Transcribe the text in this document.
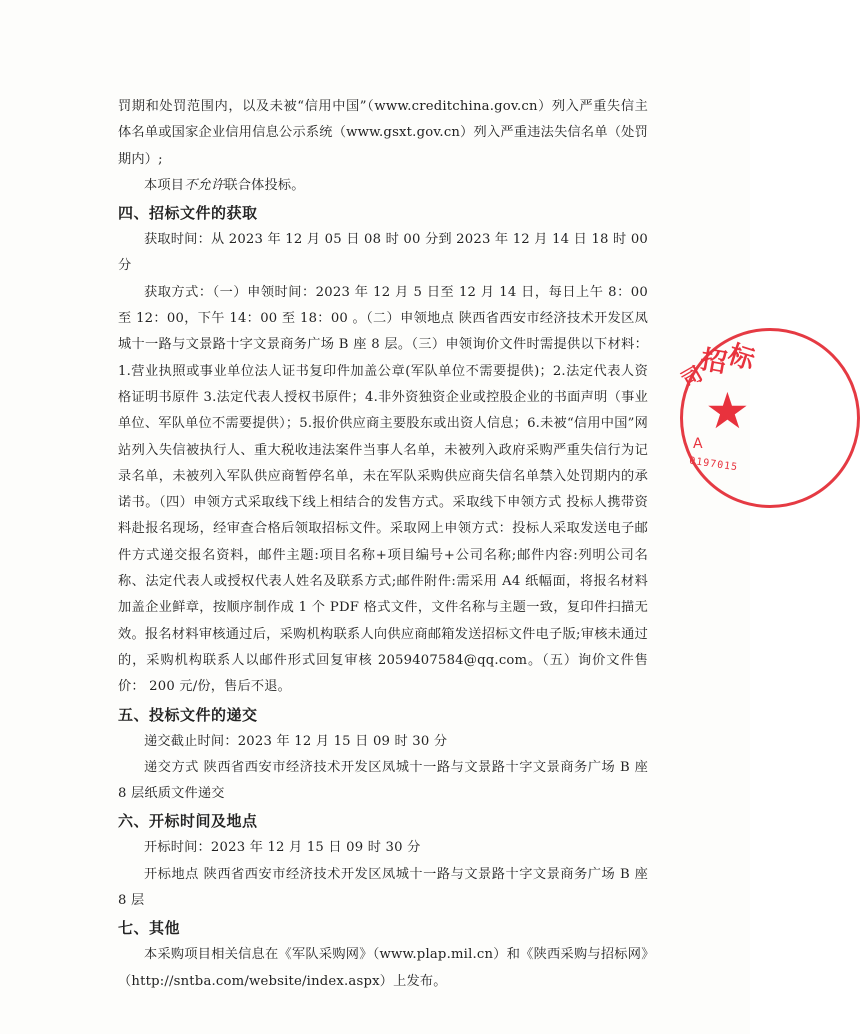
罚期和处罚范围内，以及未被“信用中国”（www.creditchina.gov.cn）列入严重失信主体名单或国家企业信用信息公示系统（www.gsxt.gov.cn）列入严重违法失信名单（处罚期内）;

本项目不允许联合体投标。

四、招标文件的获取

获取时间：从 2023 年 12 月 05 日 08 时 00 分到 2023 年 12 月 14 日 18 时 00 分

获取方式：（一）申领时间：2023 年 12 月 5 日至 12 月 14 日，每日上午 8：00 至 12：00，下午 14：00 至 18：00 。（二）申领地点 陕西省西安市经济技术开发区凤城十一路与文景路十字文景商务广场 B 座 8 层。（三）申领询价文件时需提供以下材料：1.营业执照或事业单位法人证书复印件加盖公章(军队单位不需要提供)；2.法定代表人资格证明书原件 3.法定代表人授权书原件；4.非外资独资企业或控股企业的书面声明（事业单位、军队单位不需要提供）；5.报价供应商主要股东或出资人信息；6.未被“信用中国”网站列入失信被执行人、重大税收违法案件当事人名单，未被列入政府采购严重失信行为记录名单，未被列入军队供应商暂停名单，未在军队采购供应商失信名单禁入处罚期内的承诺书。（四）申领方式采取线下线上相结合的发售方式。采取线下申领方式 投标人携带资料赴报名现场，经审查合格后领取招标文件。采取网上申领方式：投标人采取发送电子邮件方式递交报名资料，邮件主题:项目名称+项目编号+公司名称;邮件内容:列明公司名称、法定代表人或授权代表人姓名及联系方式;邮件附件:需采用 A4 纸幅面，将报名材料加盖企业鲜章，按顺序制作成 1 个 PDF 格式文件，文件名称与主题一致，复印件扫描无效。报名材料审核通过后，采购机构联系人向供应商邮箱发送招标文件电子版;审核未通过的，采购机构联系人以邮件形式回复审核 2059407584@qq.com。（五）询价文件售价： 200 元/份，售后不退。

五、投标文件的递交

递交截止时间：2023 年 12 月 15 日 09 时 30 分

递交方式 陕西省西安市经济技术开发区凤城十一路与文景路十字文景商务广场 B 座 8 层纸质文件递交

六、开标时间及地点

开标时间：2023 年 12 月 15 日 09 时 30 分

开标地点 陕西省西安市经济技术开发区凤城十一路与文景路十字文景商务广场 B 座 8 层

七、其他

本采购项目相关信息在《军队采购网》（www.plap.mil.cn）和《陕西采购与招标网》（http://sntba.com/website/index.aspx）上发布。

司
招
标
★
A
0197015
